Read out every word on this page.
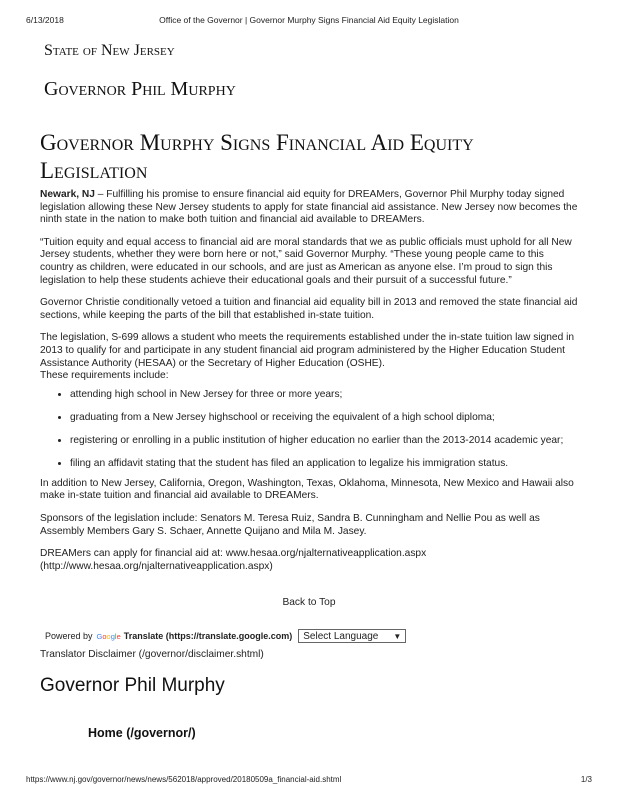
6/13/2018	Office of the Governor | Governor Murphy Signs Financial Aid Equity Legislation
State of New Jersey
Governor Phil Murphy
Governor Murphy Signs Financial Aid Equity Legislation

Newark, NJ – Fulfilling his promise to ensure financial aid equity for DREAMers, Governor Phil Murphy today signed legislation allowing these New Jersey students to apply for state financial aid assistance. New Jersey now becomes the ninth state in the nation to make both tuition and financial aid available to DREAMers.

“Tuition equity and equal access to financial aid are moral standards that we as public officials must uphold for all New Jersey students, whether they were born here or not,” said Governor Murphy. “These young people came to this country as children, were educated in our schools, and are just as American as anyone else. I’m proud to sign this legislation to help these students achieve their educational goals and their pursuit of a successful future.”

Governor Christie conditionally vetoed a tuition and financial aid equality bill in 2013 and removed the state financial aid sections, while keeping the parts of the bill that established in-state tuition.

The legislation, S-699 allows a student who meets the requirements established under the in-state tuition law signed in 2013 to qualify for and participate in any student financial aid program administered by the Higher Education Student Assistance Authority (HESAA) or the Secretary of Higher Education (OSHE).

These requirements include:

• attending high school in New Jersey for three or more years;
• graduating from a New Jersey highschool or receiving the equivalent of a high school diploma;
• registering or enrolling in a public institution of higher education no earlier than the 2013-2014 academic year;
• filing an affidavit stating that the student has filed an application to legalize his immigration status.

In addition to New Jersey, California, Oregon, Washington, Texas, Oklahoma, Minnesota, New Mexico and Hawaii also make in-state tuition and financial aid available to DREAMers.

Sponsors of the legislation include: Senators M. Teresa Ruiz, Sandra B. Cunningham and Nellie Pou as well as Assembly Members Gary S. Schaer, Annette Quijano and Mila M. Jasey.

DREAMers can apply for financial aid at: www.hesaa.org/njalternativeapplication.aspx
(http://www.hesaa.org/njalternativeapplication.aspx)

Back to Top
Powered by Google Translate (https://translate.google.com)	Select Language ▼
Translator Disclaimer (/governor/disclaimer.shtml)
Governor Phil Murphy
Home (/governor/)
https://www.nj.gov/governor/news/news/562018/approved/20180509a_financial-aid.shtml	1/3
